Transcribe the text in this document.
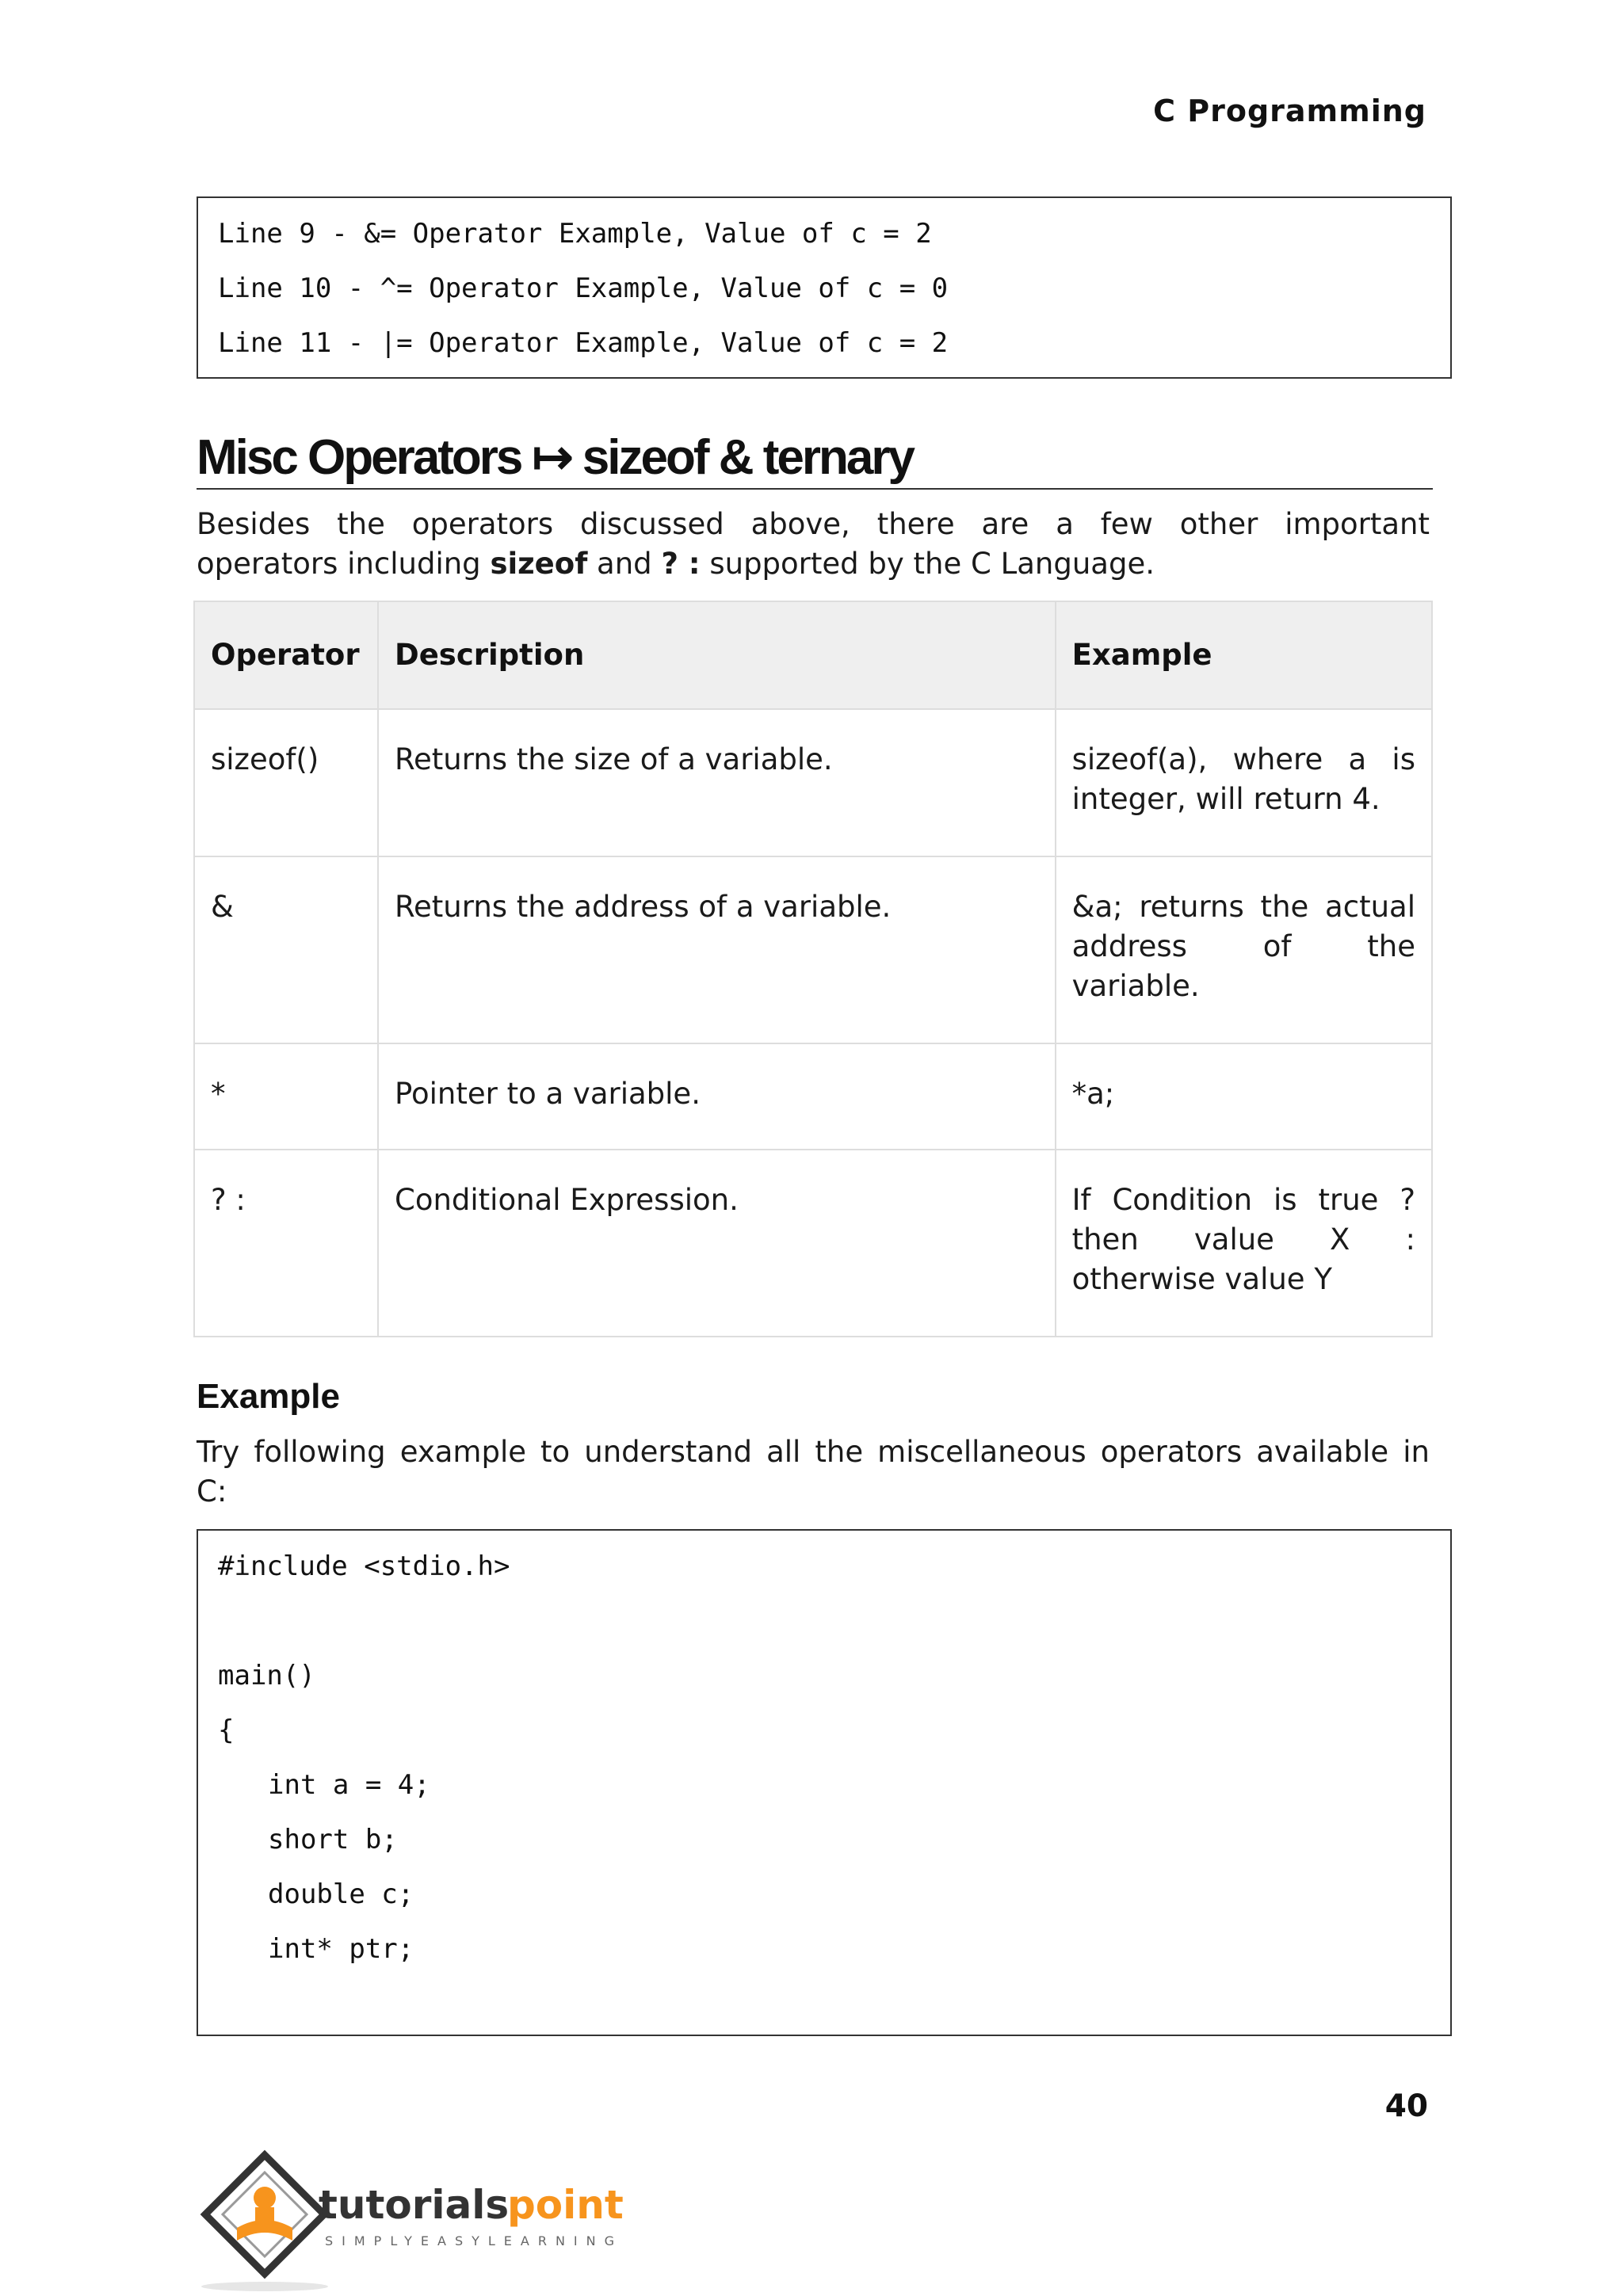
C Programming
Line 9 - &= Operator Example, Value of c = 2
Line 10 - ^= Operator Example, Value of c = 0
Line 11 - |= Operator Example, Value of c = 2
Misc Operators ↦ sizeof & ternary
Besides the operators discussed above, there are a few other important
operators including sizeof and ? : supported by the C Language.
Operator	Description	Example
sizeof()	Returns the size of a variable.	sizeof(a), where a is
integer, will return 4.

&	Returns the address of a variable.	&a; returns the actual
address of the
variable.

*	Pointer to a variable.	*a;

? :	Conditional Expression.	If Condition is true ?
then value X :
otherwise value Y
Example
Try following example to understand all the miscellaneous operators available in
C:
#include <stdio.h>
main()
{
int a = 4;
short b;
double c;
int* ptr;
40
tutorials
point
SIMPLYEASYLEARNING
